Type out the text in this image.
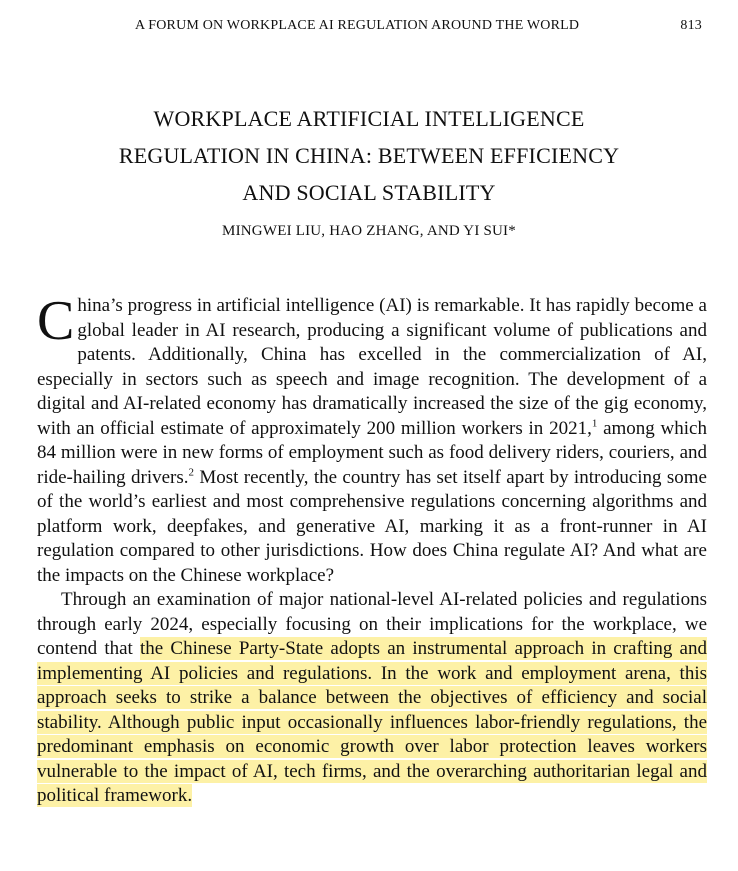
A FORUM ON WORKPLACE AI REGULATION AROUND THE WORLD	813
WORKPLACE ARTIFICIAL INTELLIGENCE
REGULATION IN CHINA: BETWEEN EFFICIENCY
AND SOCIAL STABILITY
MINGWEI LIU, HAO ZHANG, AND YI SUI*

China’s progress in artificial intelligence (AI) is remarkable. It has rapidly become a global leader in AI research, producing a significant volume of publications and patents. Additionally, China has excelled in the commercialization of AI, especially in sectors such as speech and image recognition. The development of a digital and AI-related economy has dramatically increased the size of the gig economy, with an official estimate of approximately 200 million workers in 2021,$^1$ among which 84 million were in new forms of employment such as food delivery riders, couriers, and ride-hailing drivers.$^2$ Most recently, the country has set itself apart by introducing some of the world’s earliest and most comprehensive regulations concerning algorithms and platform work, deepfakes, and generative AI, marking it as a front-runner in AI regulation compared to other jurisdictions. How does China regulate AI? And what are the impacts on the Chinese workplace?

Through an examination of major national-level AI-related policies and regulations through early 2024, especially focusing on their implications for the workplace, we contend that the Chinese Party-State adopts an instrumental approach in crafting and implementing AI policies and regulations. In the work and employment arena, this approach seeks to strike a balance between the objectives of efficiency and social stability. Although public input occasionally influences labor-friendly regulations, the predominant emphasis on economic growth over labor protection leaves workers vulnerable to the impact of AI, tech firms, and the overarching authoritarian legal and political framework.
